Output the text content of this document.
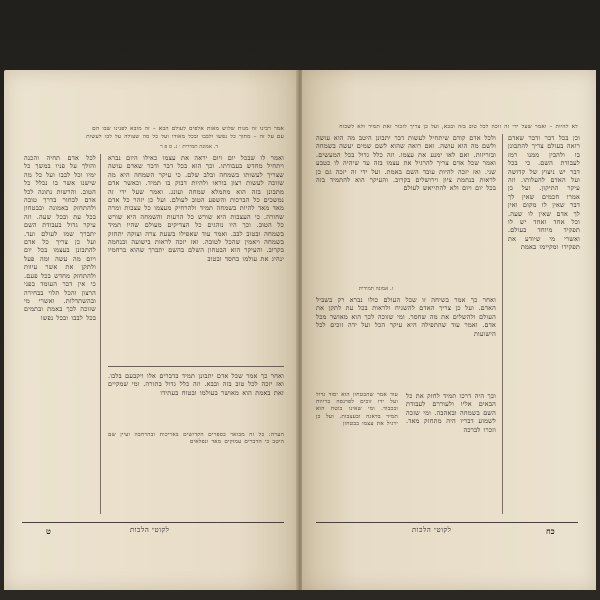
אמר רבינו זה מנות שלוש מאות אלפים לעולם הבא – זה מובא לפנינו שבו הם
עם על זה – מתוך כל נפשו ולבבו ובכל מאודו ועל כל מה שעולה על לבו לעשות
ד. אמונה תמידית · ג. ס פ ר
ואמר לו שבכל יום ויום יראה את עצמו כאילו היום נברא ויתחיל מחדש בעבודתו. וכך הוא בכל דבר ודבר שאדם עושה שצריך לעשותו בשמחה ובלב שלם. כי עיקר השמחה היא מה שזוכה לעשות רצון בוראו ולהיות דבוק בו תמיד. וכאשר אדם מתבונן בזה הוא מתמלא שמחה ועונג. ואמר שעל ידי זה נמשכים כל הברכות והשפע הטוב לעולם. ועל כן יזהר כל אדם מאד מאד להיות בשמחה תמיד ולהרחיק מעצמו כל עצבות ומרה שחורה. כי העצבות היא שורש כל הרעות והשמחה היא שורש כל הטוב. וכך היו נוהגים כל הצדיקים מעולם שהיו תמיד בשמחה ובטוב לבב. ואמר עוד שאפילו בשעת צרה וצוקה יתחזק בשמחה ויאמין שהכל לטובה. ואז יזכה לראות בישועה ובנחמה בקרוב. והעיקר הוא הבטחון השלם בהשם יתברך שהוא ברחמיו ינהיג את עולמו בחסד ובטוב
לכל אדם תחיה והכנה והולך על פניו במשך כל ימיו וכל לבבו ועל כל מה שישנו אשר בו נכלל כל הטוב. והרשות נתונה לכל אדם לבחור בדרך טובה ולהתחזק באמונה ובבטחון בכל עת ובכל שעה. וזה עיקר גדול בעבודת השם יתברך שמו לעולם ועד. ועל כן צריך כל אדם להתבונן בעצמו בכל יום ויום מה עשה ומה פעל ולתקן את אשר עיוות ולהתחזק מחדש בכל פעם. כי אין דבר העומד בפני הרצון והכל תלוי בבחירה ובהשתדלות. ואשרי מי שזוכה לכך באמת ובתמים בכל לבבו ובכל נפשו
ואחר כך אמר שכל אדם יתבונן תמיד בדברים אלו ויקבעם בלבו. ואז יזכה לכל טוב בזה ובבא. וזה כלל גדול בתורה. ומי שמקיים זאת באמת הוא מאושר בעולמו ובטוח בעתידו
הערה: כל זה מבואר בספרים הקדושים באריכות ובהרחבה ועיין שם היטב כי הדברים עמוקים מאד ונפלאים
ט	לקוטי הלכות
לא להיות – ואמר שעל ידי זה זוכה לכל טוב בזה ובבא, ועל כן צריך לזכור זאת תמיד ולא לשכוח
ולכל אדם קודם שיתחיל לעשות דבר יתבונן היטב מה הוא עושה ולשם מה הוא עושה. ואם רואה שהוא לשם שמים יעשה בשמחה ובזריזות. ואם לאו ימנע את עצמו. וזה כלל גדול בכל המעשים. ואמר שכל אדם צריך להרגיל את עצמו בזה עד שיהיה לו כטבע שני. ואז יזכה להיות עובד השם באמת. ועל ידי זה יזכה גם כן לראות בנחמת ציון וירושלים בקרוב. והעיקר הוא להתמיד בזה בכל יום ויום ולא להתייאש לעולם
ז. אמונה תמידית
ואחר כך אמר בשיחה זו שכל העולם כולו נברא רק בשביל האדם. ועל כן צריך האדם להשגיח ולראות בכל עת לתקן את העולם ולהשלים את מה שחסר. ומי שזוכה לכך הוא מאושר מכל אדם. ואמר עוד שהתפילה היא עיקר הכל ועל ידה זוכים לכל הישועות
וכן בכל דבר ודבר שאדם רואה בעולם צריך להתבונן בו ולהבין ממנו רמז לעבודת השם. כי בכל דבר יש ניצוץ של קדושה ועל האדם להעלותו. וזה עיקר התיקון. ועל כן אמרו חכמים שאין לך דבר שאין לו מקום ואין לך אדם שאין לו שעה. וכל אחד ואחד יש לו תפקיד מיוחד בעולם. ואשרי מי שיודע את תפקידו ומקיימו באמת
עוד אמר שהבטחון הוא יסוד גדול ועל ידו זוכים לפרנסה בריווח ובכבוד. ומי שאינו בוטח הוא תמיד בדאגה ובעצבות. ועל כן ירגיל את עצמו בבטחון
וכך היה דרכו תמיד לחזק את כל הבאים אליו ולעוררם לעבודת השם בשמחה ובאהבה. ומי שזכה לשמוע דבריו היה מתחזק מאד. וזכרו לברכה
לקוטי הלכות	כח
